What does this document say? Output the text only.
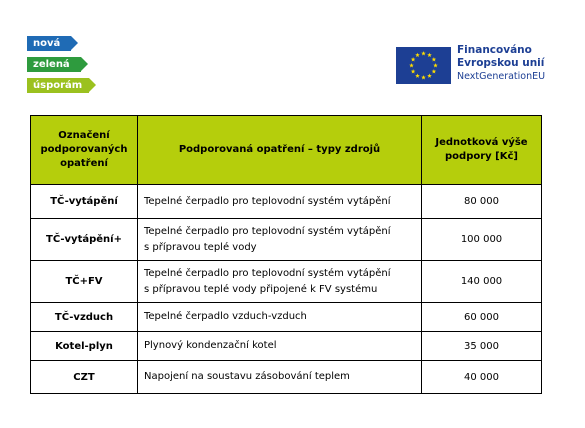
nová
zelená
úsporám
Financováno
Evropskou unií
NextGenerationEU
Označení
podporovaných
opatření	Podporovaná opatření – typy zdrojů	Jednotková výše
podpory [Kč]
TČ-vytápění	Tepelné čerpadlo pro teplovodní systém vytápění	80 000
TČ-vytápění+	Tepelné čerpadlo pro teplovodní systém vytápění
s přípravou teplé vody	100 000
TČ+FV	Tepelné čerpadlo pro teplovodní systém vytápění
s přípravou teplé vody připojené k FV systému	140 000
TČ-vzduch	Tepelné čerpadlo vzduch-vzduch	60 000
Kotel-plyn	Plynový kondenzační kotel	35 000
CZT	Napojení na soustavu zásobování teplem	40 000
